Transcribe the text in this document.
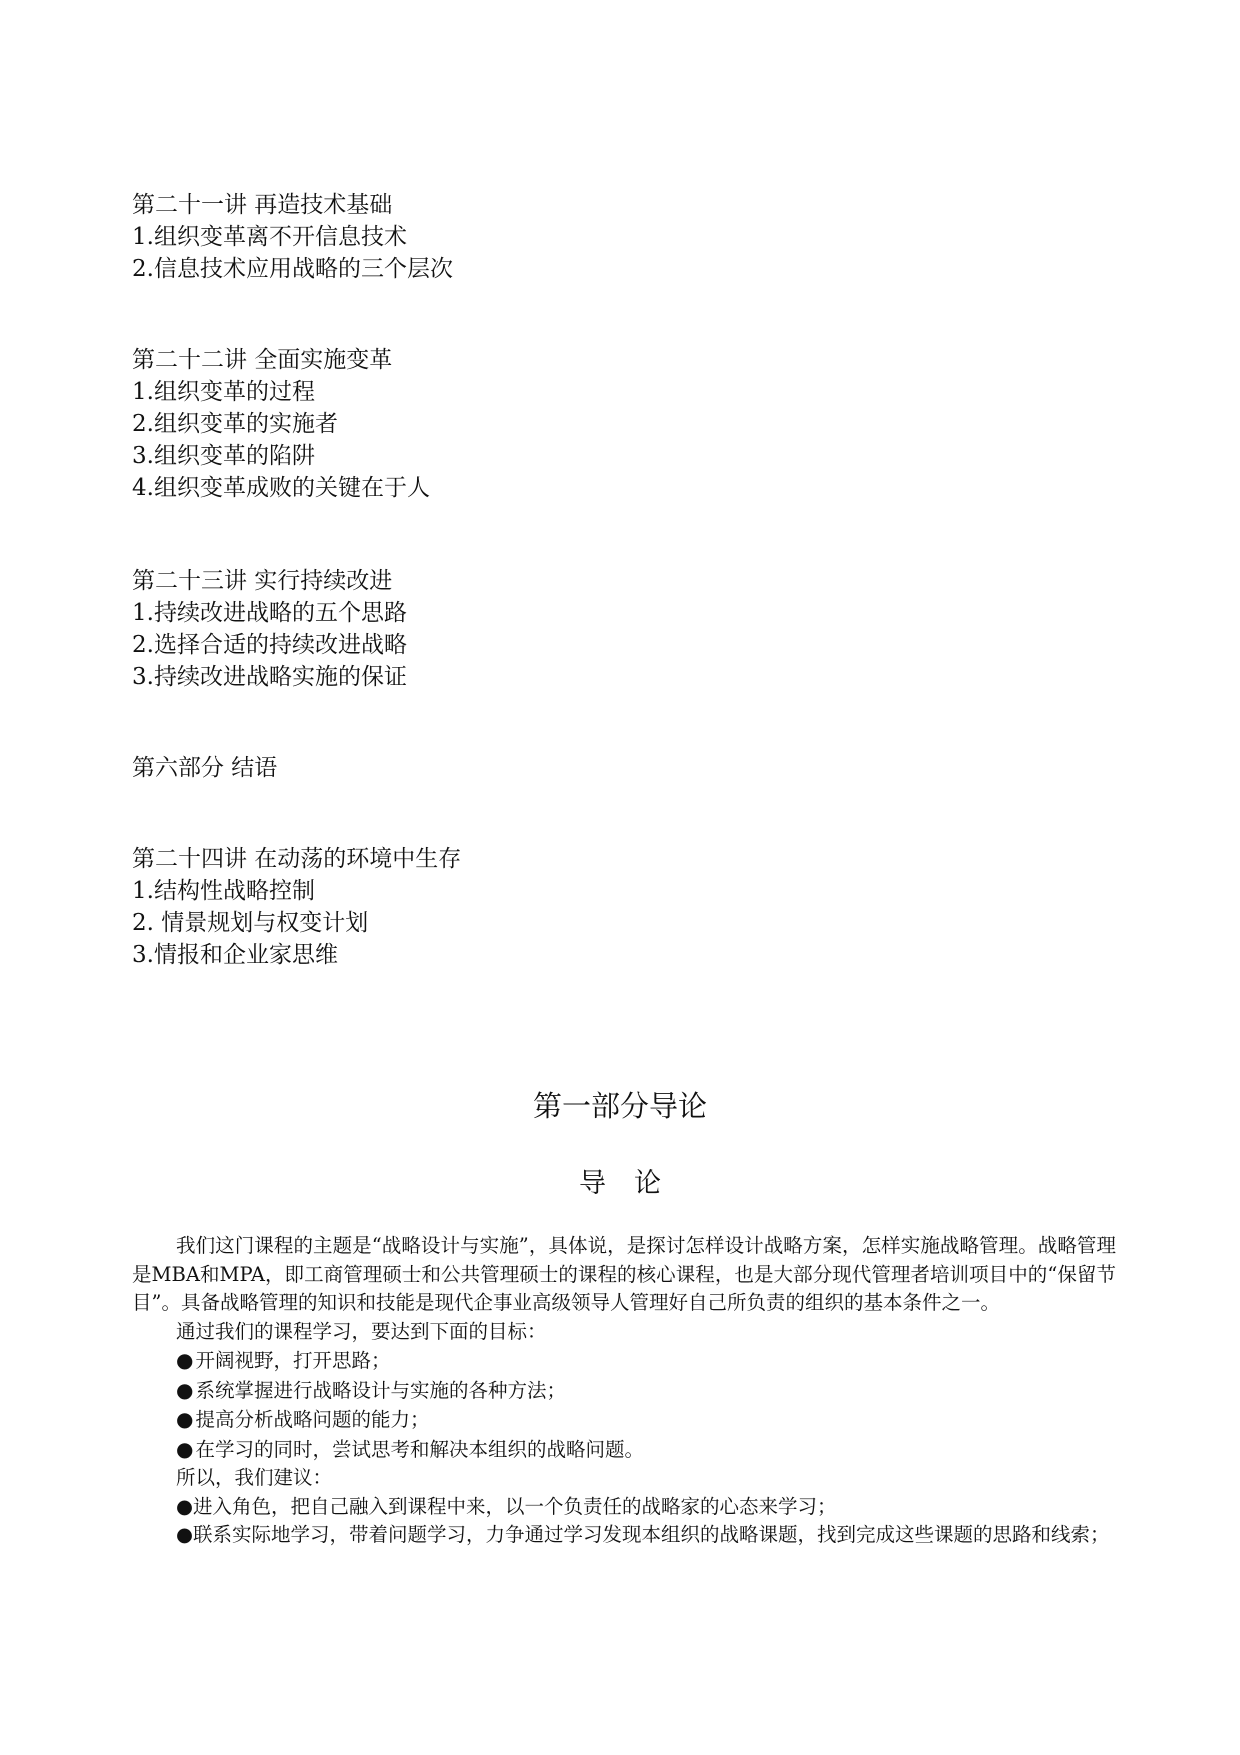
第二十一讲 再造技术基础
1.组织变革离不开信息技术
2.信息技术应用战略的三个层次
第二十二讲 全面实施变革
1.组织变革的过程
2.组织变革的实施者
3.组织变革的陷阱
4.组织变革成败的关键在于人
第二十三讲 实行持续改进
1.持续改进战略的五个思路
2.选择合适的持续改进战略
3.持续改进战略实施的保证
第六部分 结语
第二十四讲 在动荡的环境中生存
1.结构性战略控制
2. 情景规划与权变计划
3.情报和企业家思维
第一部分导论
导论

我们这门课程的主题是“战略设计与实施”，具体说，是探讨怎样设计战略方案，怎样实施战略管理。战略管理是MBA和MPA，即工商管理硕士和公共管理硕士的课程的核心课程，也是大部分现代管理者培训项目中的“保留节目”。具备战略管理的知识和技能是现代企事业高级领导人管理好自己所负责的组织的基本条件之一。

通过我们的课程学习，要达到下面的目标：

● 开阔视野，打开思路；

● 系统掌握进行战略设计与实施的各种方法；

● 提高分析战略问题的能力；

● 在学习的同时，尝试思考和解决本组织的战略问题。

所以，我们建议：

●进入角色，把自己融入到课程中来，以一个负责任的战略家的心态来学习；

●联系实际地学习，带着问题学习，力争通过学习发现本组织的战略课题，找到完成这些课题的思路和线索；
